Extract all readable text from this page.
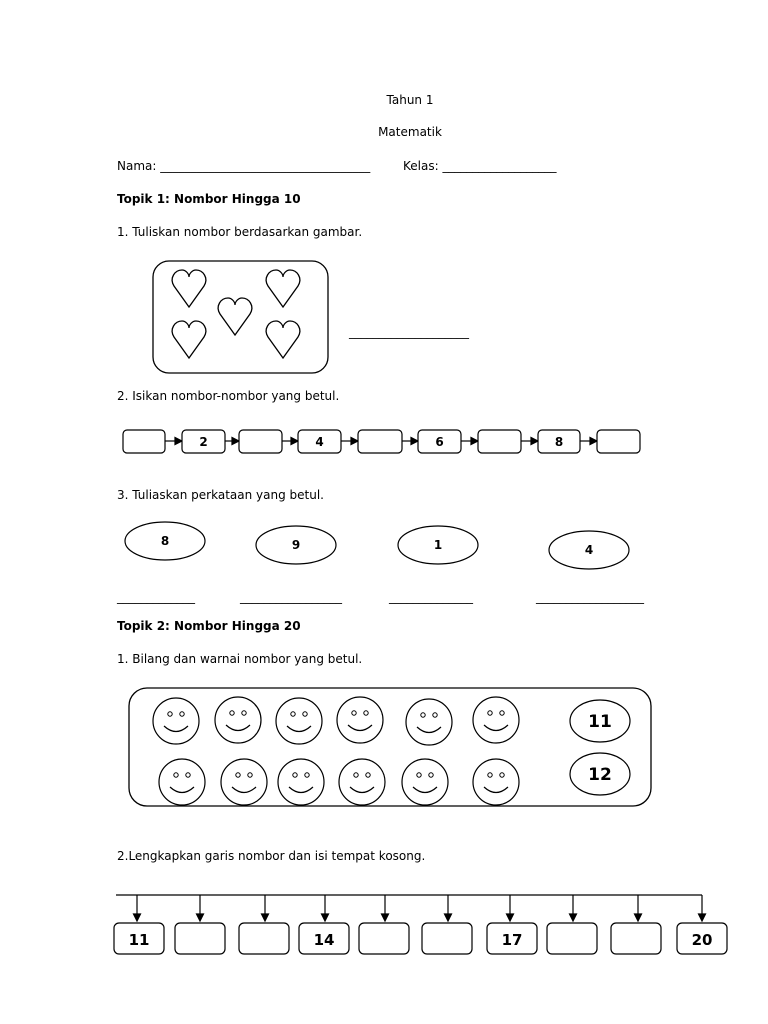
Tahun 1
Matematik
Nama: ___________________________________	Kelas: ___________________
Topik 1: Nombor Hingga 10
1. Tuliskan nombor berdasarkan gambar.
____________________
2. Isikan nombor-nombor yang betul.
2	4	6	8
3. Tuliaskan perkataan yang betul.
8	9	1	4
_____________	_________________	______________	__________________
Topik 2: Nombor Hingga 20
1. Bilang dan warnai nombor yang betul.
11
12
2.Lengkapkan garis nombor dan isi tempat kosong.
11	14	17	20
